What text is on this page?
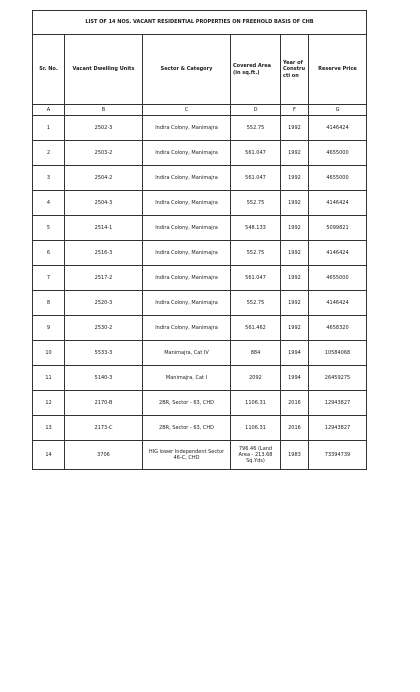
LIST OF 14 NOS. VACANT RESIDENTIAL PROPERTIES ON FREEHOLD BASIS OF CHB					
Sr. No.	Vacant Dwelling Units	Sector & Category	Covered Area (in sq.ft.)	Year of Constructi on	Reserve Price
A	B	C	D	F	G
1	2502-3	Indira Colony, Manimajra	552.75	1992	4146424
2	2503-2	Indira Colony, Manimajra	561.047	1992	4655000
3	2504-2	Indira Colony, Manimajra	561.047	1992	4655000
4	2504-3	Indira Colony, Manimajra	552.75	1992	4146424
5	2514-1	Indira Colony, Manimajra	548.133	1992	5099821
6	2516-3	Indira Colony, Manimajra	552.75	1992	4146424
7	2517-2	Indira Colony, Manimajra	561.047	1992	4655000
8	2520-3	Indira Colony, Manimajra	552.75	1992	4146424
9	2530-2	Indira Colony, Manimajra	561.462	1992	4658320
10	5533-3	Manimajra, Cat IV	884	1994	10584068
11	5140-3	Manimajra, Cat I	2092	1994	26459275
12	2170-B	2BR, Sector - 63, CHD	1106.31	2016	12943827
13	2173-C	2BR, Sector - 63, CHD	1106.31	2016	12943827
14	3706	HIG lower Independent Sector 46-C, CHD	796.46 (Land Area - 213.68 Sq.Yds)	1983	73394739
